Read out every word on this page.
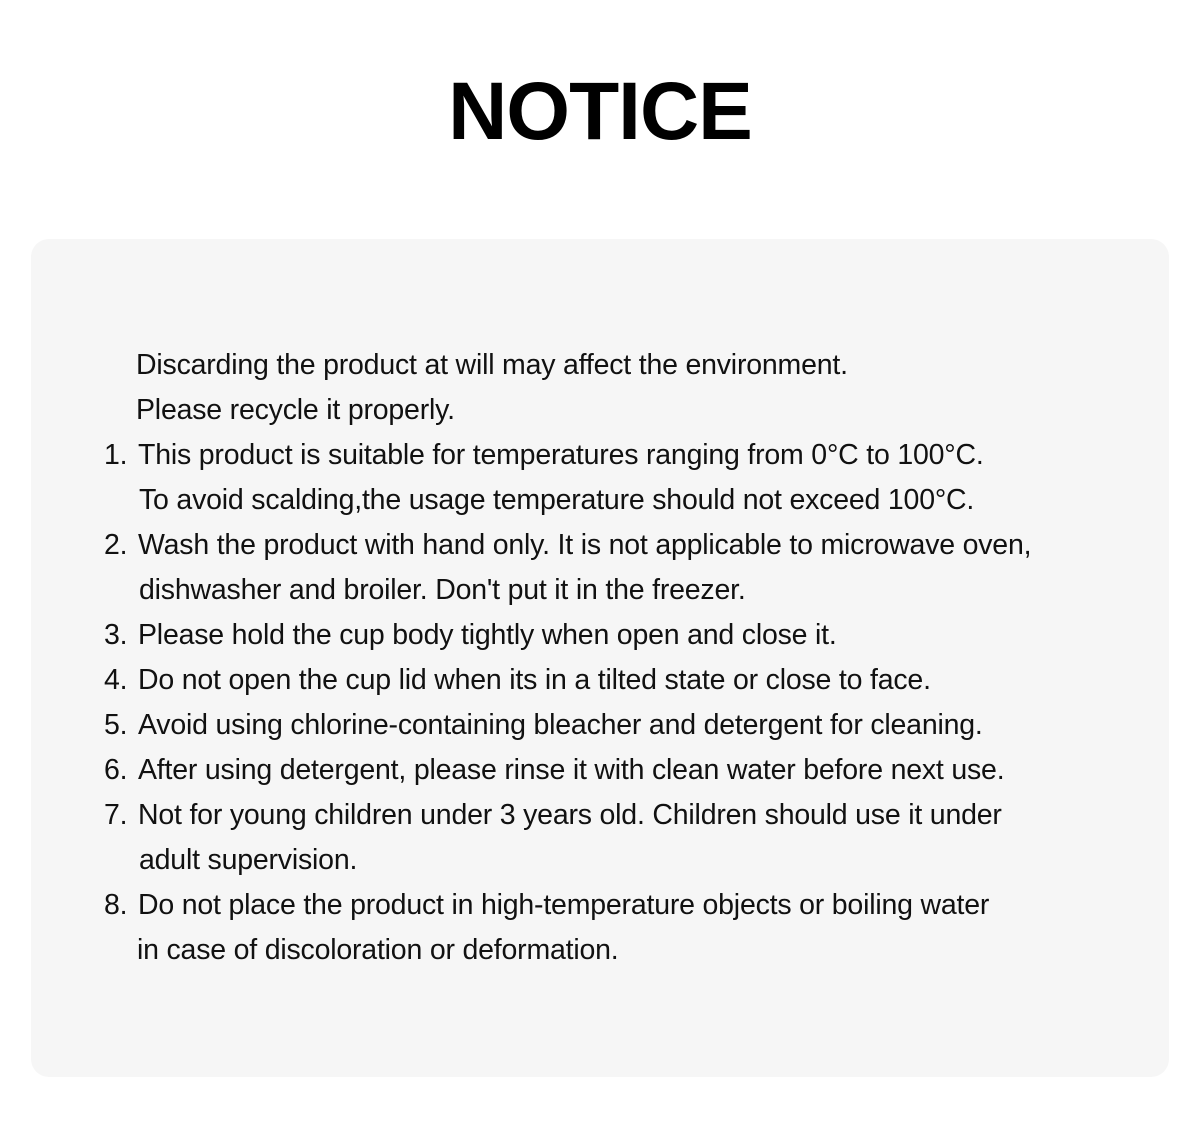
NOTICE
Discarding the product at will may affect the environment.
Please recycle it properly.
1. This product is suitable for temperatures ranging from 0°C to 100°C.
To avoid scalding,the usage temperature should not exceed 100°C.
2. Wash the product with hand only. It is not applicable to microwave oven,
dishwasher and broiler. Don't put it in the freezer.
3. Please hold the cup body tightly when open and close it.
4. Do not open the cup lid when its in a tilted state or close to face.
5. Avoid using chlorine-containing bleacher and detergent for cleaning.
6. After using detergent, please rinse it with clean water before next use.
7. Not for young children under 3 years old. Children should use it under
adult supervision.
8. Do not place the product in high-temperature objects or boiling water
in case of discoloration or deformation.
